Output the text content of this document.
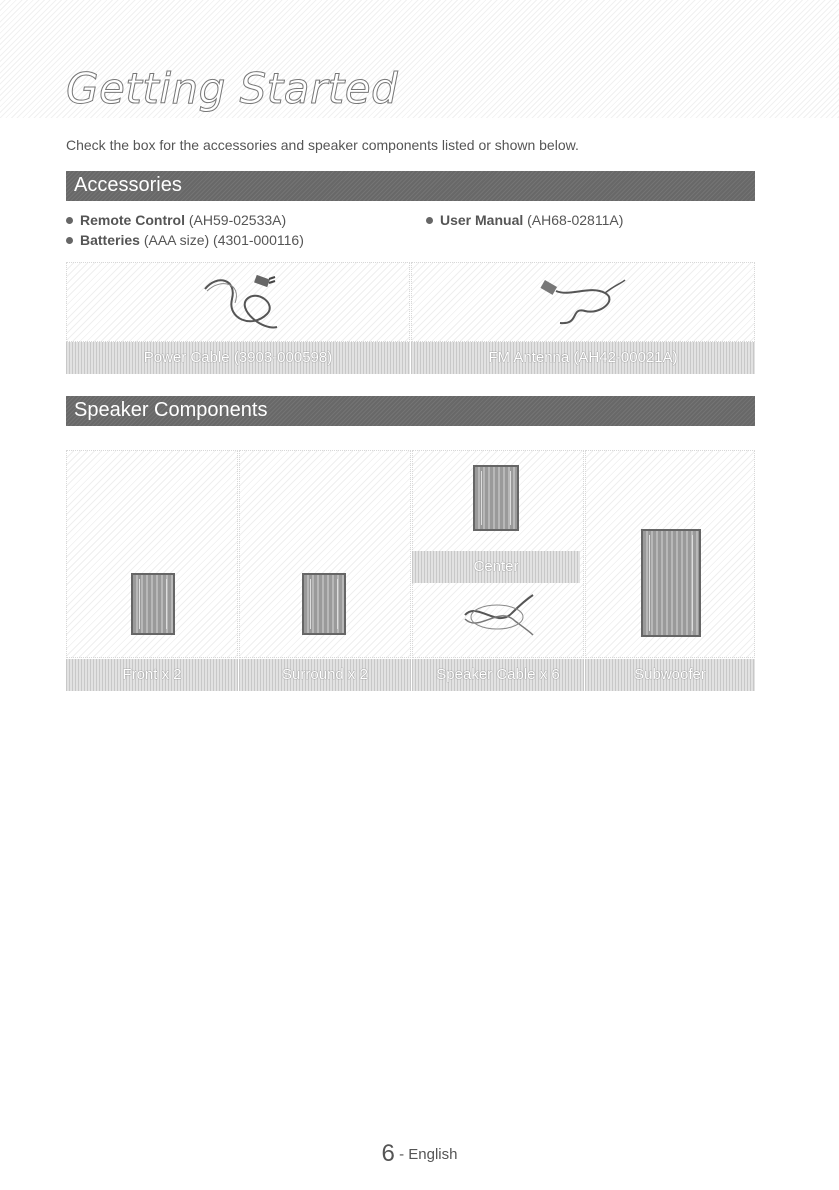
Getting Started
Check the box for the accessories and speaker components listed or shown below.
Accessories
Remote Control (AH59-02533A)
Batteries (AAA size) (4301-000116)
User Manual (AH68-02811A)
Power Cable (3903-000598)	FM Antenna (AH42-00021A)
Speaker Components
Center
Front x 2	Surround x 2	Speaker Cable x 6	Subwoofer
6 - English
